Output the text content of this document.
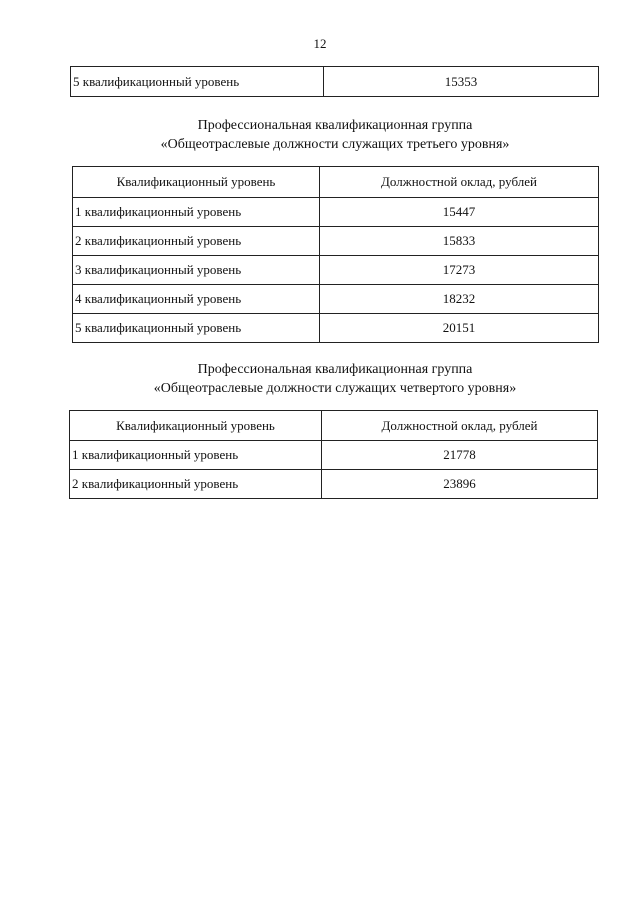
12
5 квалификационный уровень	15353
Профессиональная квалификационная группа
«Общеотраслевые должности служащих третьего уровня»
Квалификационный уровень	Должностной оклад, рублей
1 квалификационный уровень	15447
2 квалификационный уровень	15833
3 квалификационный уровень	17273
4 квалификационный уровень	18232
5 квалификационный уровень	20151
Профессиональная квалификационная группа
«Общеотраслевые должности служащих четвертого уровня»
Квалификационный уровень	Должностной оклад, рублей
1 квалификационный уровень	21778
2 квалификационный уровень	23896
